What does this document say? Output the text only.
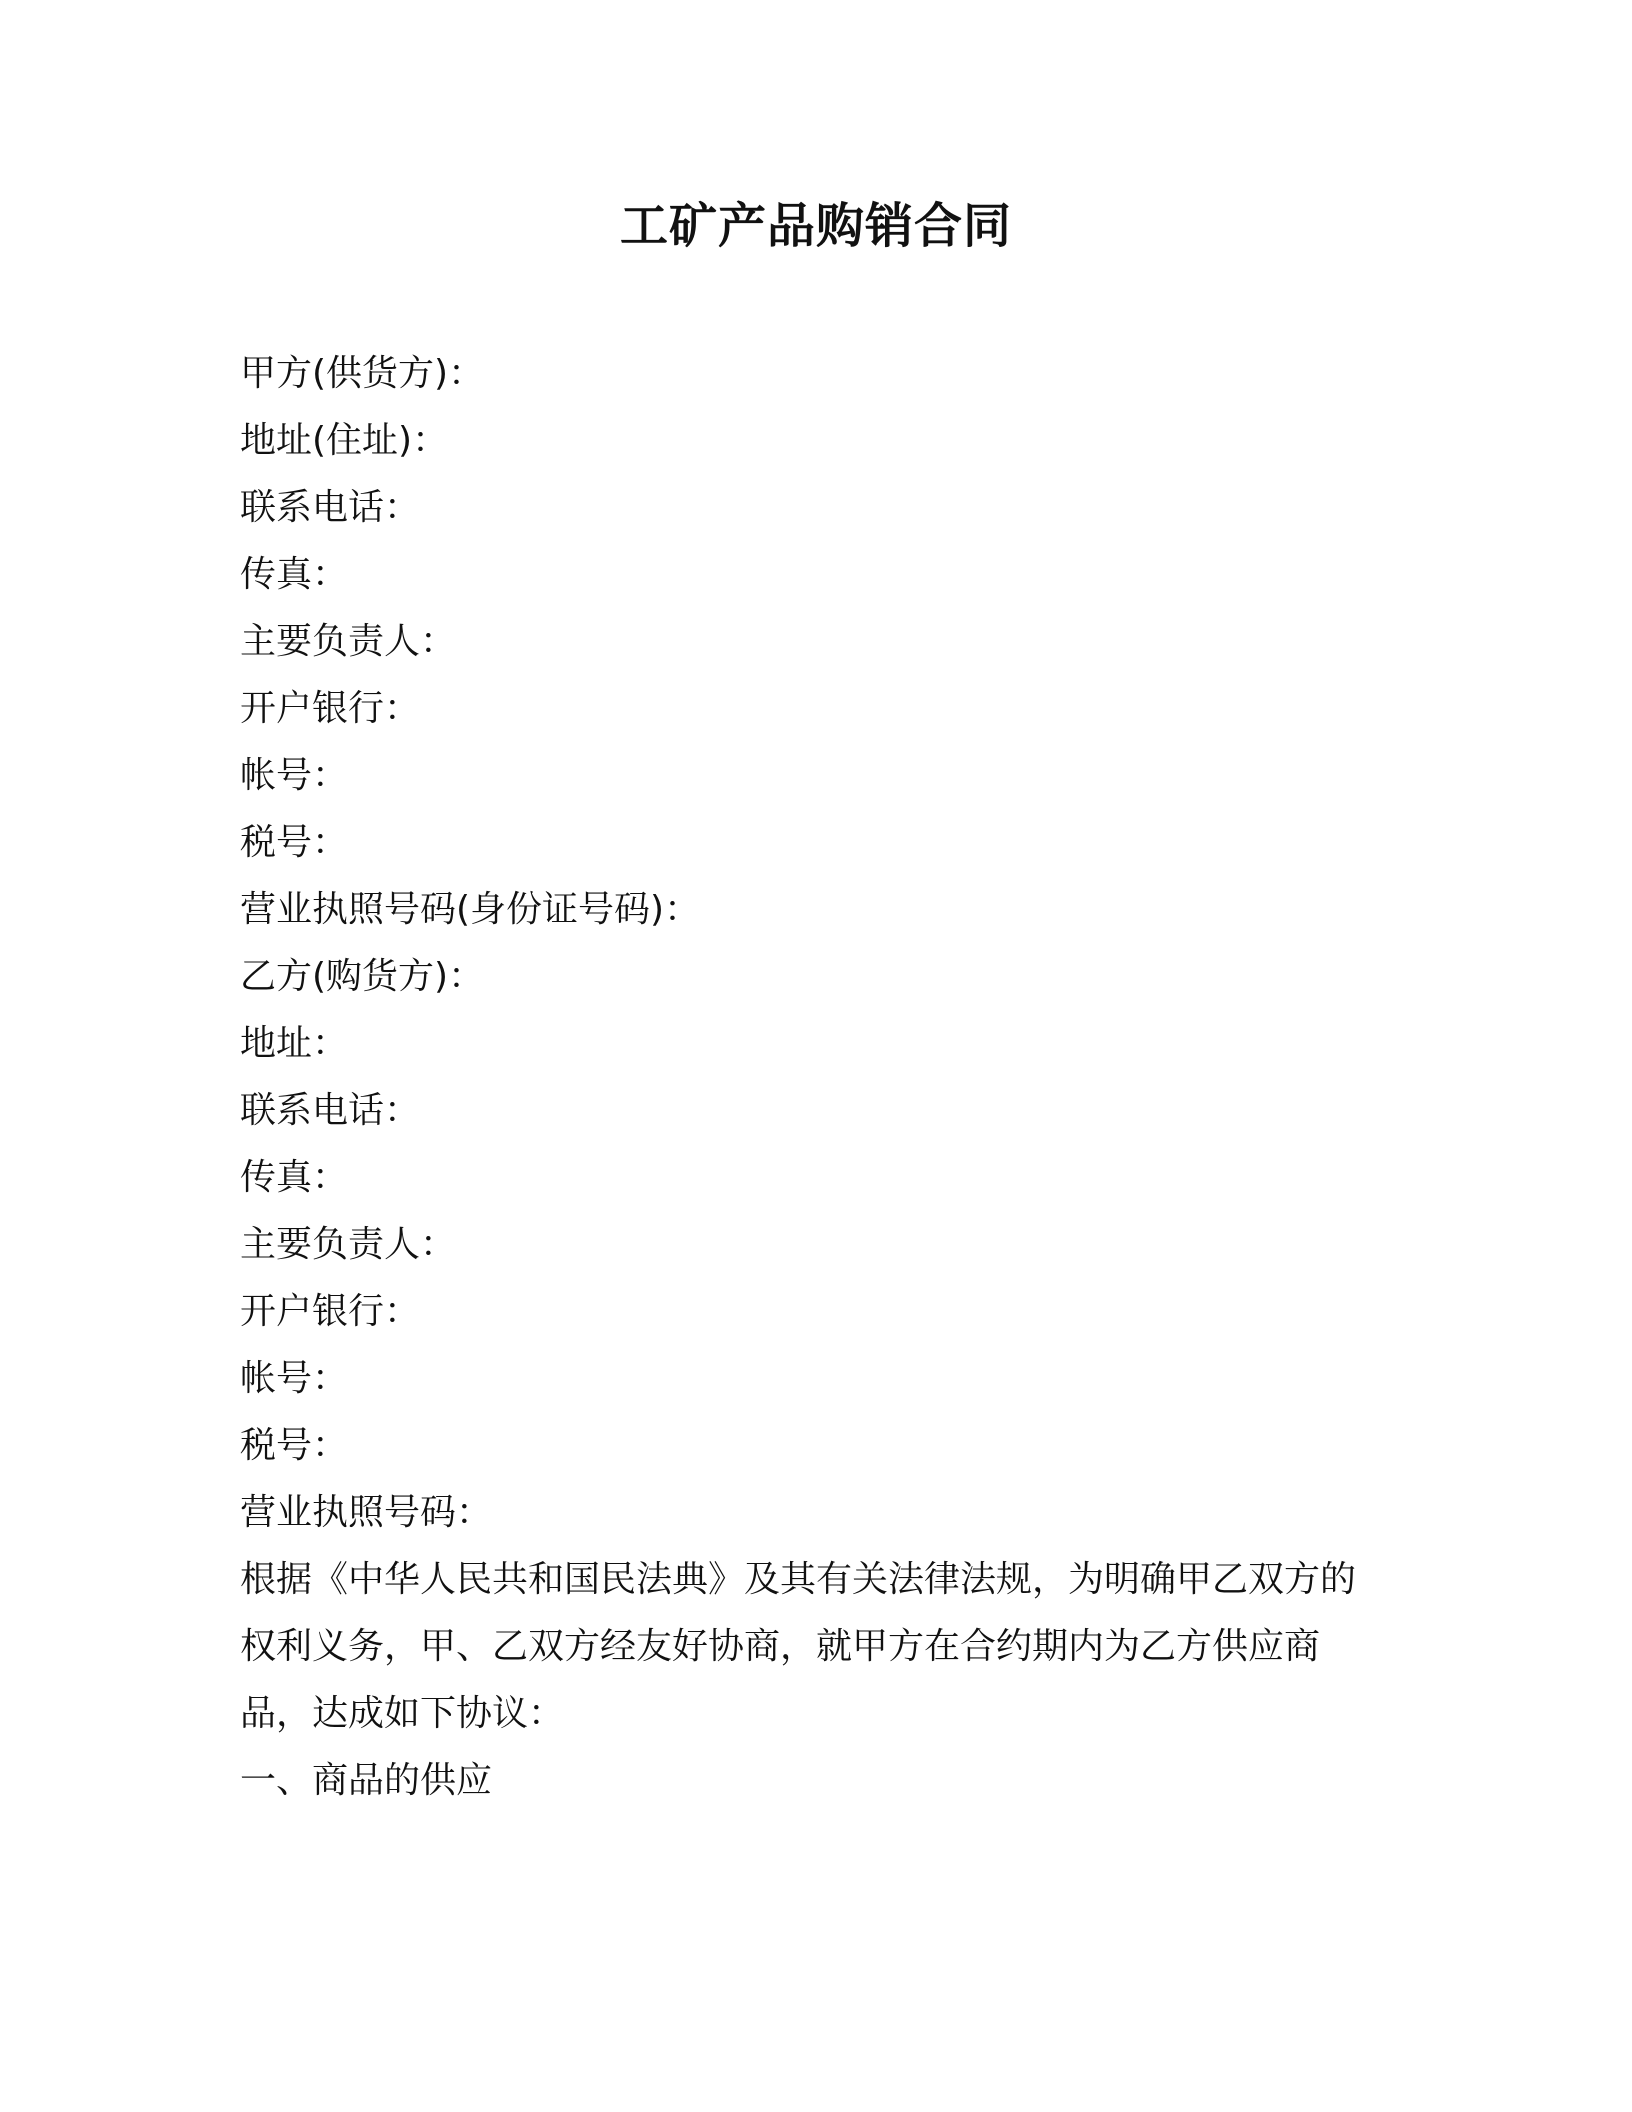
工矿产品购销合同
甲方(供货方)：
地址(住址)：
联系电话：
传真：
主要负责人：
开户银行：
帐号：
税号：
营业执照号码(身份证号码)：
乙方(购货方)：
地址：
联系电话：
传真：
主要负责人：
开户银行：
帐号：
税号：
营业执照号码：
根据《中华人民共和国民法典》及其有关法律法规，为明确甲乙双方的权利义务，甲、乙双方经友好协商，就甲方在合约期内为乙方供应商品，达成如下协议：
一、商品的供应
